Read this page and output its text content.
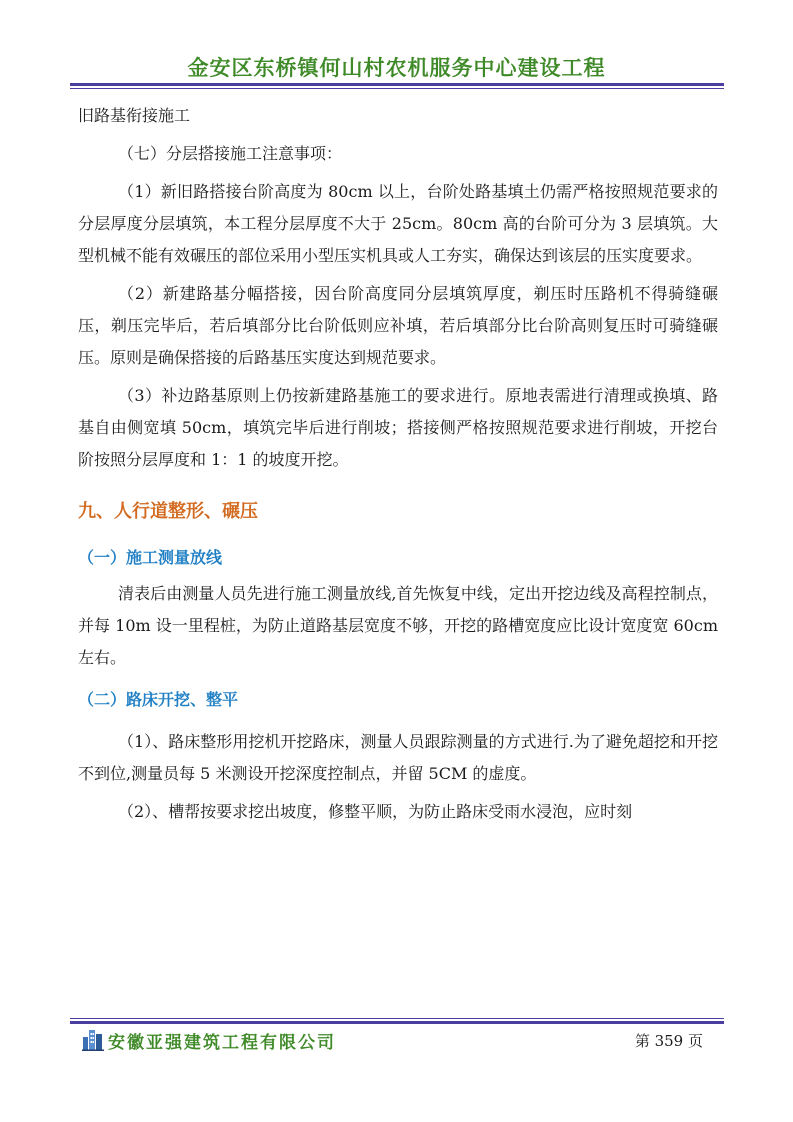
金安区东桥镇何山村农机服务中心建设工程

旧路基衔接施工

（七）分层搭接施工注意事项：

（1）新旧路搭接台阶高度为 80cm 以上，台阶处路基填土仍需严格按照规范要求的分层厚度分层填筑，本工程分层厚度不大于 25cm。80cm 高的台阶可分为 3 层填筑。大型机械不能有效碾压的部位采用小型压实机具或人工夯实，确保达到该层的压实度要求。

（2）新建路基分幅搭接，因台阶高度同分层填筑厚度，剃压时压路机不得骑缝碾压，剃压完毕后，若后填部分比台阶低则应补填，若后填部分比台阶高则复压时可骑缝碾压。原则是确保搭接的后路基压实度达到规范要求。

（3）补边路基原则上仍按新建路基施工的要求进行。原地表需进行清理或换填、路基自由侧宽填 50cm，填筑完毕后进行削坡；搭接侧严格按照规范要求进行削坡，开挖台阶按照分层厚度和 1：1 的坡度开挖。

九、人行道整形、碾压

（一）施工测量放线

清表后由测量人员先进行施工测量放线,首先恢复中线，定出开挖边线及高程控制点，并每 10m 设一里程桩，为防止道路基层宽度不够，开挖的路槽宽度应比设计宽度宽 60cm 左右。

（二）路床开挖、整平

（1）、路床整形用挖机开挖路床，测量人员跟踪测量的方式进行.为了避免超挖和开挖不到位,测量员每 5 米测设开挖深度控制点，并留 5CM 的虚度。

（2）、槽帮按要求挖出坡度，修整平顺，为防止路床受雨水浸泡，应时刻

安徽亚强建筑工程有限公司	第 359 页
